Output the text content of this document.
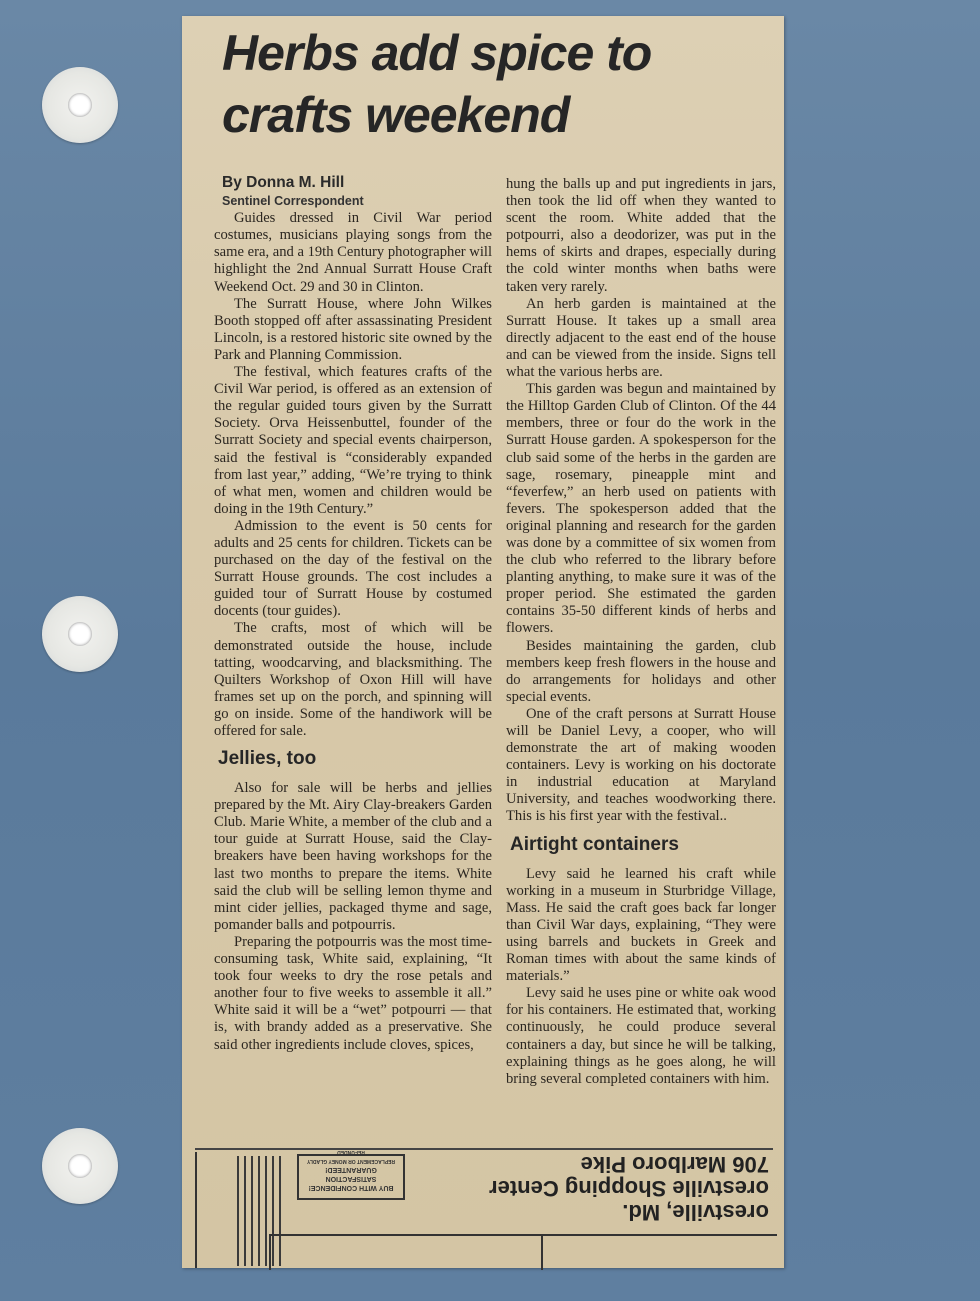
Herbs add spice to crafts weekend
By Donna M. Hill
Sentinel Correspondent

Guides dressed in Civil War period costumes, musicians playing songs from the same era, and a 19th Century photographer will highlight the 2nd Annual Surratt House Craft Weekend Oct. 29 and 30 in Clinton.

The Surratt House, where John Wilkes Booth stopped off after assassinating President Lincoln, is a restored historic site owned by the Park and Planning Commission.

The festival, which features crafts of the Civil War period, is offered as an extension of the regular guided tours given by the Surratt Society. Orva Heissenbuttel, founder of the Surratt Society and special events chairperson, said the festival is “considerably expanded from last year,” adding, “We’re trying to think of what men, women and children would be doing in the 19th Century.”

Admission to the event is 50 cents for adults and 25 cents for children. Tickets can be purchased on the day of the festival on the Surratt House grounds. The cost includes a guided tour of Surratt House by costumed docents (tour guides).

The crafts, most of which will be demonstrated outside the house, include tatting, woodcarving, and blacksmithing. The Quilters Workshop of Oxon Hill will have frames set up on the porch, and spinning will go on inside. Some of the handiwork will be offered for sale.

Jellies, too

Also for sale will be herbs and jellies prepared by the Mt. Airy Clay-breakers Garden Club. Marie White, a member of the club and a tour guide at Surratt House, said the Clay-breakers have been having workshops for the last two months to prepare the items. White said the club will be selling lemon thyme and mint cider jellies, packaged thyme and sage, pomander balls and potpourris.

Preparing the potpourris was the most time-consuming task, White said, explaining, “It took four weeks to dry the rose petals and another four to five weeks to assemble it all.” White said it will be a “wet” potpourri — that is, with brandy added as a preservative. She said other ingredients include cloves, spices,

hung the balls up and put ingredients in jars, then took the lid off when they wanted to scent the room. White added that the potpourri, also a deodorizer, was put in the hems of skirts and drapes, especially during the cold winter months when baths were taken very rarely.

An herb garden is maintained at the Surratt House. It takes up a small area directly adjacent to the east end of the house and can be viewed from the inside. Signs tell what the various herbs are.

This garden was begun and maintained by the Hilltop Garden Club of Clinton. Of the 44 members, three or four do the work in the Surratt House garden. A spokesperson for the club said some of the herbs in the garden are sage, rosemary, pineapple mint and “feverfew,” an herb used on patients with fevers. The spokesperson added that the original planning and research for the garden was done by a committee of six women from the club who referred to the library before planting anything, to make sure it was of the proper period. She estimated the garden contains 35-50 different kinds of herbs and flowers.

Besides maintaining the garden, club members keep fresh flowers in the house and do arrangements for holidays and other special events.

One of the craft persons at Surratt House will be Daniel Levy, a cooper, who will demonstrate the art of making wooden containers. Levy is working on his doctorate in industrial education at Maryland University, and teaches woodworking there. This is his first year with the festival..

Airtight containers

Levy said he learned his craft while working in a museum in Sturbridge Village, Mass. He said the craft goes back far longer than Civil War days, explaining, “They were using barrels and buckets in Greek and Roman times with about the same kinds of materials.”

Levy said he uses pine or white oak wood for his containers. He estimated that, working continuously, he could produce several containers a day, but since he will be talking, explaining things as he goes along, he will bring several completed containers with him.

BUY WITH CONFIDENCE!
SATISFACTION GUARANTEED!
REPLACEMENT OR MONEY GLADLY REFUNDED
orestville, Md.
orestville Shopping Center
706 Marlboro Pike
